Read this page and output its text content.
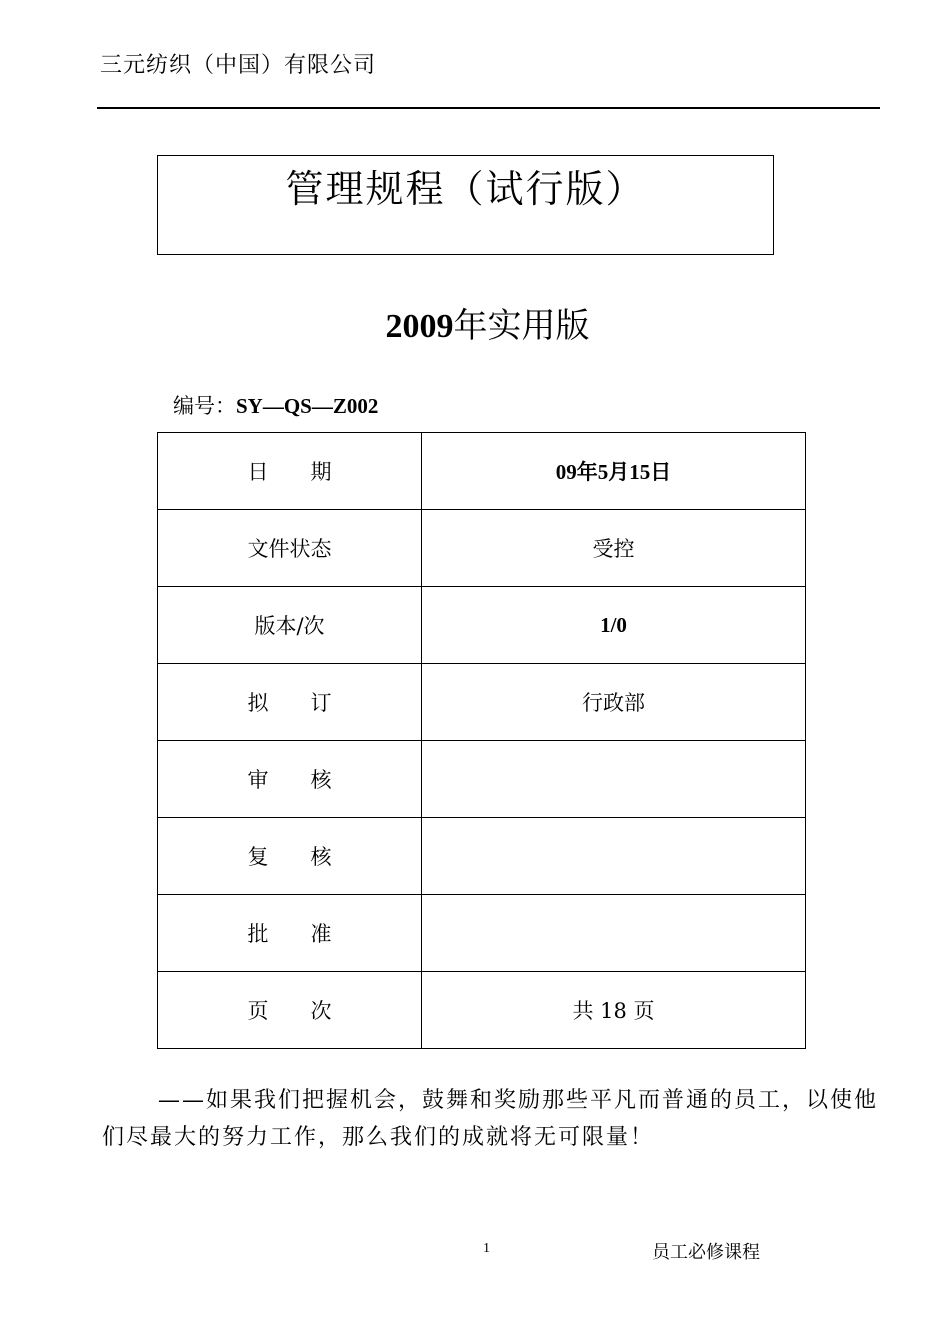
三元纺织（中国）有限公司
管理规程（试行版）
2009年实用版
编号：SY—QS—Z002
日　　期	09年5月15日
文件状态	受控
版本/次	1/0
拟　　订	行政部
审　　核	
复　　核	
批　　准	
页　　次	共 18 页
——如果我们把握机会，鼓舞和奖励那些平凡而普通的员工，以使他们尽最大的努力工作，那么我们的成就将无可限量！
1	员工必修课程
